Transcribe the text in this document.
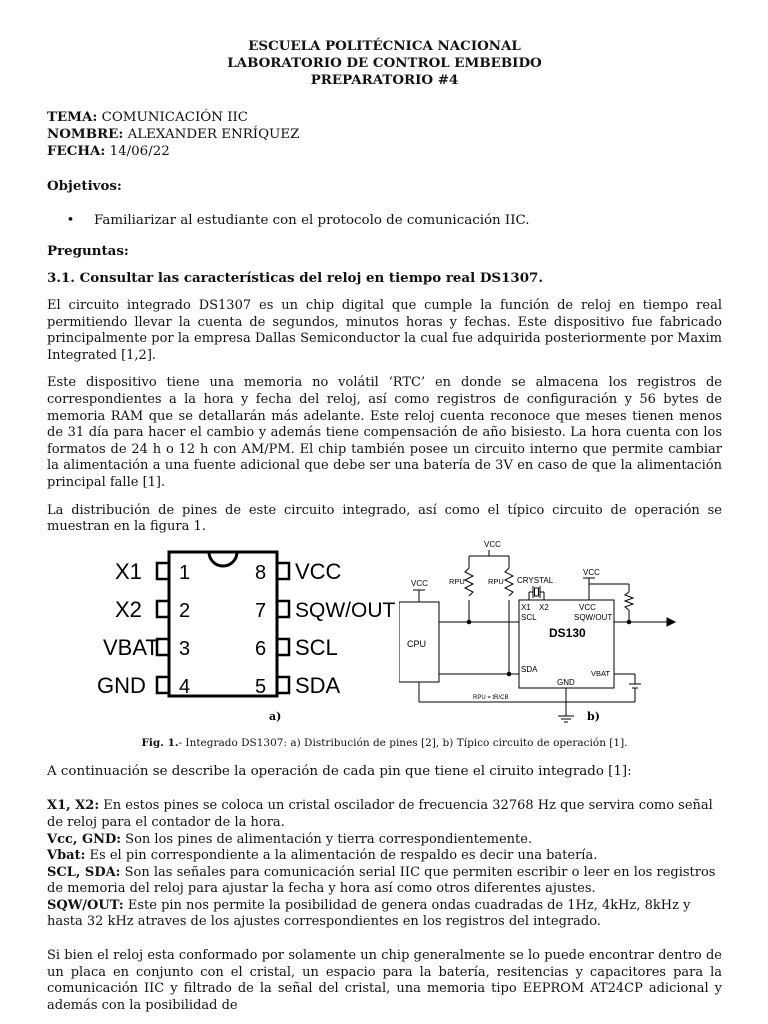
ESCUELA POLITÉCNICA NACIONAL
LABORATORIO DE CONTROL EMBEBIDO
PREPARATORIO #4
TEMA: COMUNICACIÓN IIC
NOMBRE: ALEXANDER ENRÍQUEZ
FECHA: 14/06/22
Objetivos:
•	Familiarizar al estudiante con el protocolo de comunicación IIC.
Preguntas:
3.1. Consultar las características del reloj en tiempo real DS1307.

El circuito integrado DS1307 es un chip digital que cumple la función de reloj en tiempo real permitiendo llevar la cuenta de segundos, minutos horas y fechas. Este dispositivo fue fabricado principalmente por la empresa Dallas Semiconductor la cual fue adquirida posteriormente por Maxim Integrated [1,2].

Este dispositivo tiene una memoria no volátil ‘RTC’ en donde se almacena los registros de correspondientes a la hora y fecha del reloj, así como registros de configuración y 56 bytes de memoria RAM que se detallarán más adelante. Este reloj cuenta reconoce que meses tienen menos de 31 día para hacer el cambio y además tiene compensación de año bisiesto. La hora cuenta con los formatos de 24 h o 12 h con AM/PM. El chip también posee un circuito interno que permite cambiar la alimentación a una fuente adicional que debe ser una batería de 3V en caso de que la alimentación principal falle [1].

La distribución de pines de este circuito integrado, así como el típico circuito de operación se muestran en la figura 1.

X1
X2
VBAT
GND
1
2
3
4
8
7
6
5
VCC
SQW/OUT
SCL
SDA
a)
VCC
VCC
VCC
RPU	RPU CRYSTAL
CPU
X1 X2	VCC
SCL	SQW/OUT
DS130
SDA	VBAT
GND
RPU = tR/CB
b)
Fig. 1.- Integrado DS1307: a) Distribución de pines [2], b) Típico circuito de operación [1].

A continuación se describe la operación de cada pin que tiene el ciruito integrado [1]:

X1, X2: En estos pines se coloca un cristal oscilador de frecuencia 32768 Hz que servira como señal de reloj para el contador de la hora.

Vcc, GND: Son los pines de alimentación y tierra correspondientemente.

Vbat: Es el pin correspondiente a la alimentación de respaldo es decir una batería.

SCL, SDA: Son las señales para comunicación serial IIC que permiten escribir o leer en los registros de memoria del reloj para ajustar la fecha y hora así como otros diferentes ajustes.

SQW/OUT: Este pin nos permite la posibilidad de genera ondas cuadradas de 1Hz, 4kHz, 8kHz y hasta 32 kHz atraves de los ajustes correspondientes en los registros del integrado.

Si bien el reloj esta conformado por solamente un chip generalmente se lo puede encontrar dentro de un placa en conjunto con el cristal, un espacio para la batería, resitencias y capacitores para la comunicación IIC y filtrado de la señal del cristal, una memoria tipo EEPROM AT24CP adicional y además con la posibilidad de
